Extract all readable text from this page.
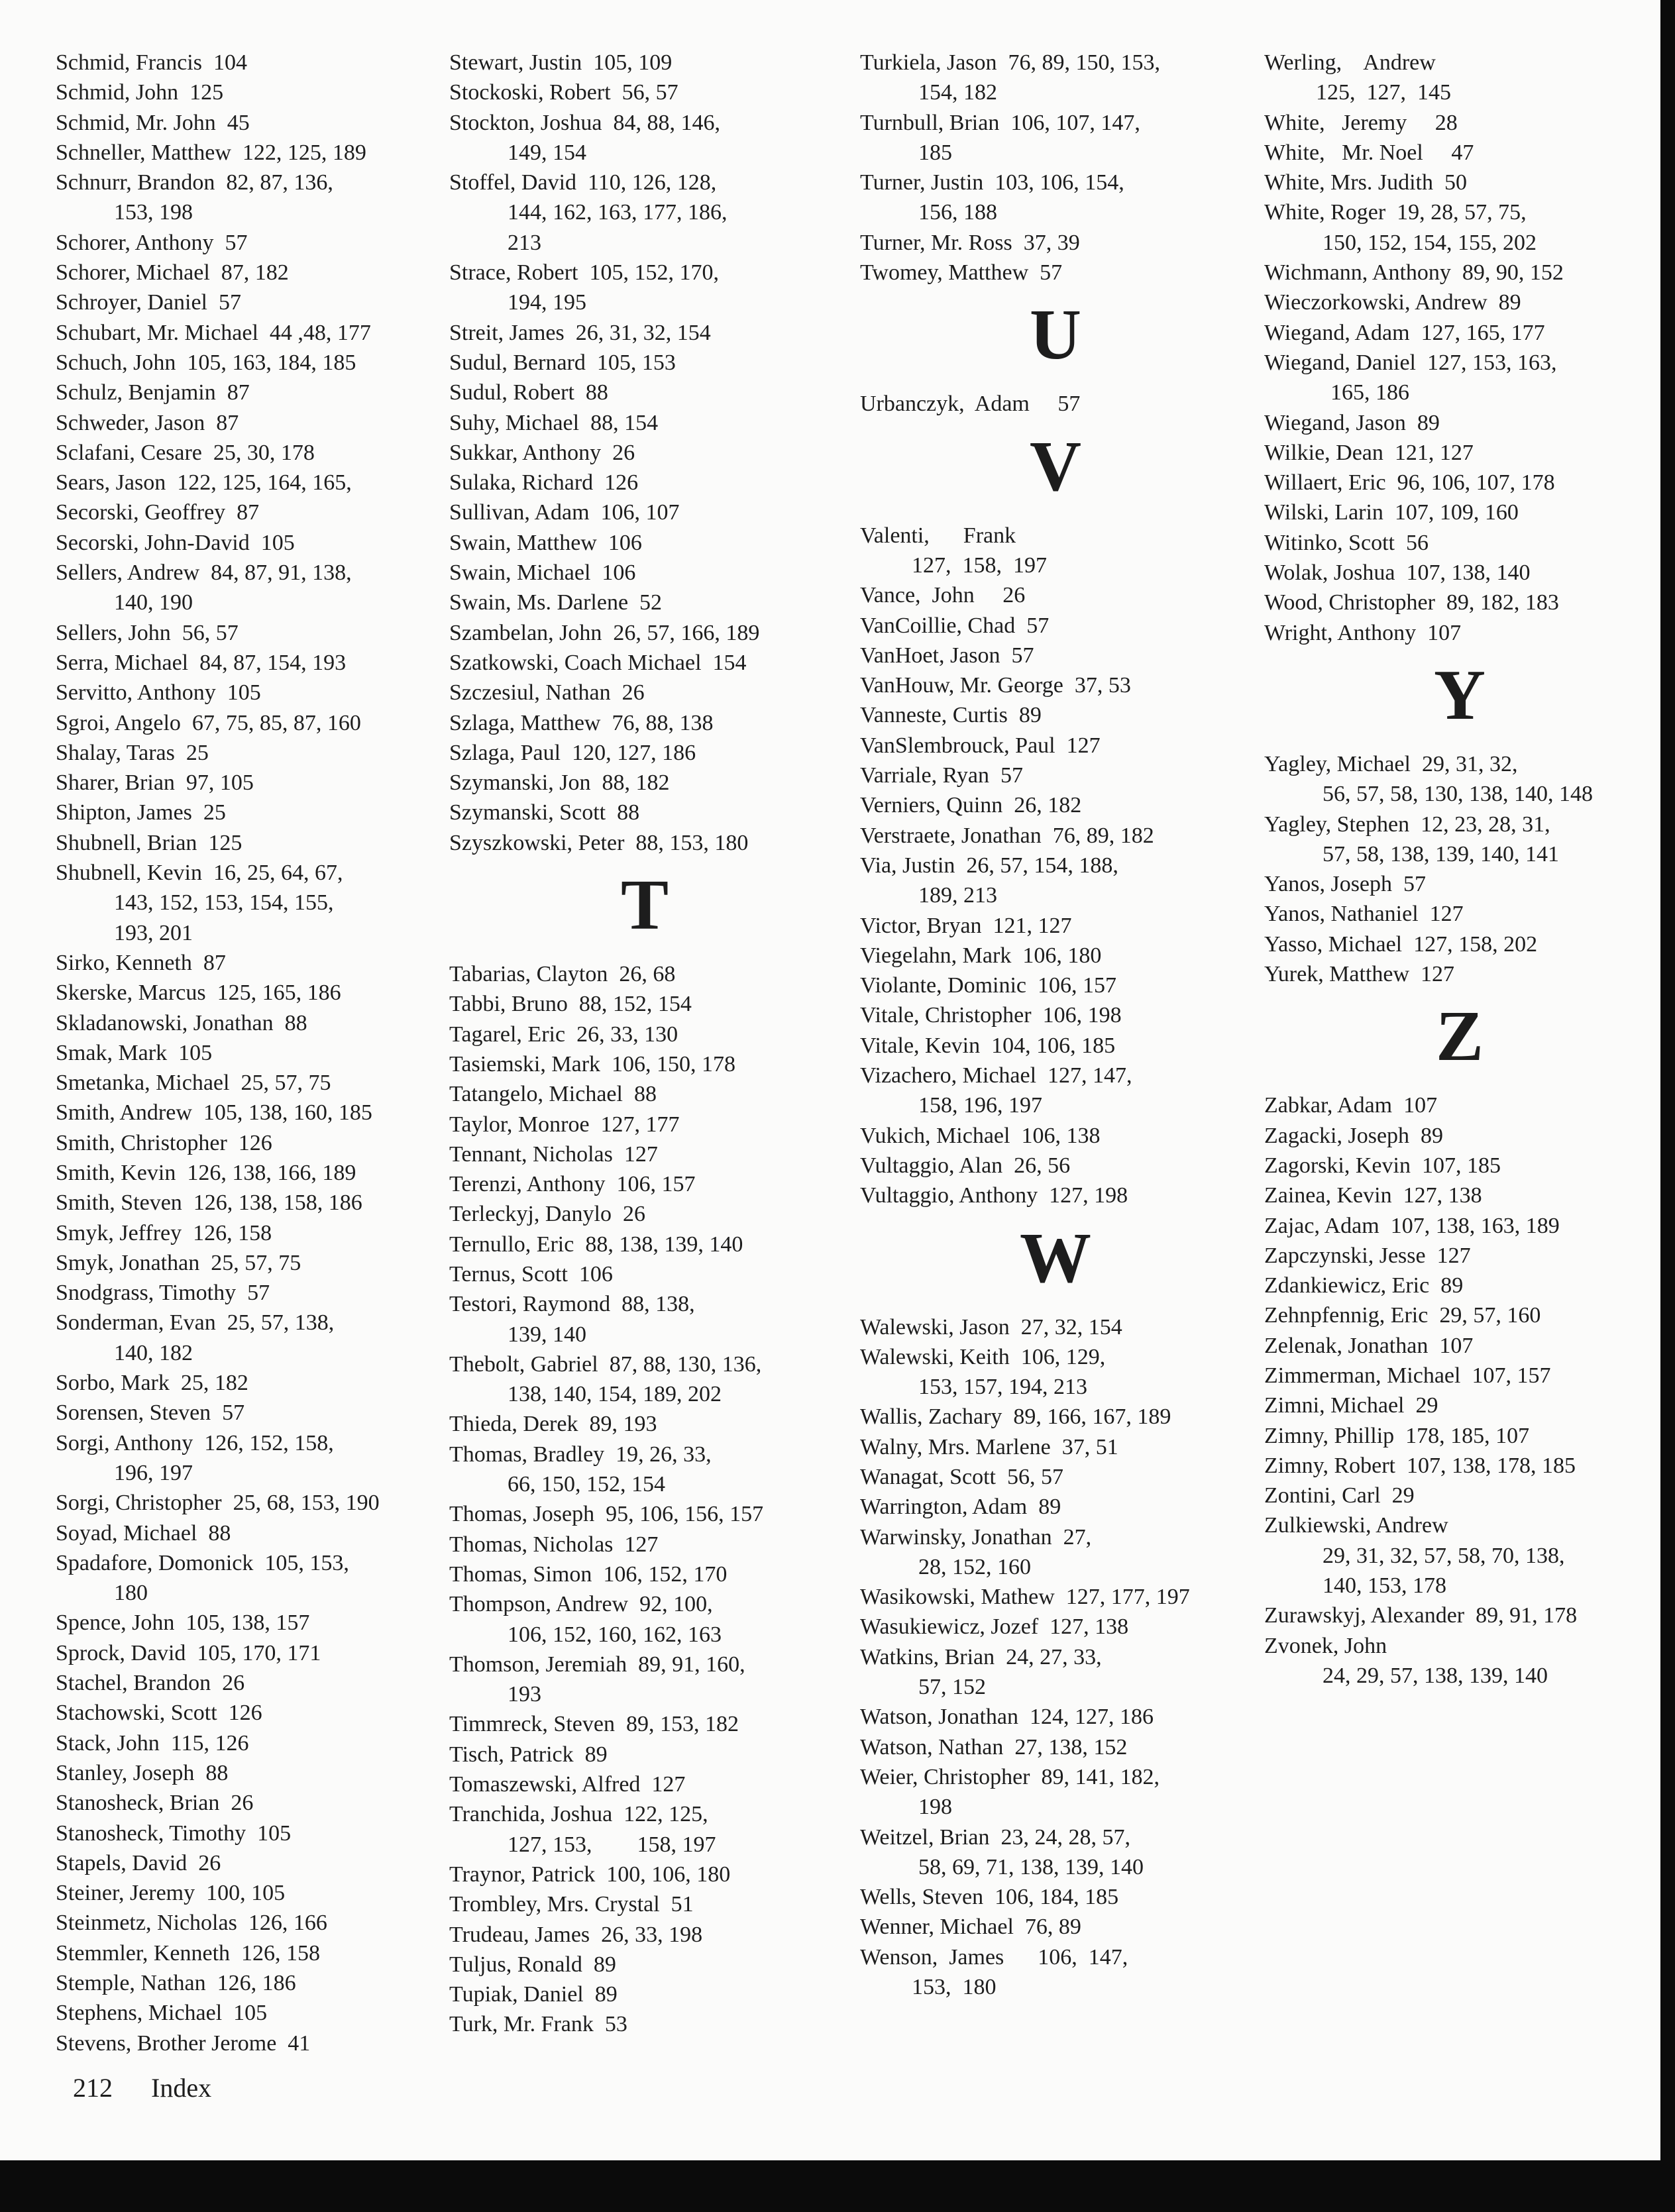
Schmid, Francis  104
Schmid, John  125
Schmid, Mr. John  45
Schneller, Matthew  122, 125, 189
Schnurr, Brandon  82, 87, 136,
153, 198
Schorer, Anthony  57
Schorer, Michael  87, 182
Schroyer, Daniel  57
Schubart, Mr. Michael  44 ,48, 177
Schuch, John  105, 163, 184, 185
Schulz, Benjamin  87
Schweder, Jason  87
Sclafani, Cesare  25, 30, 178
Sears, Jason  122, 125, 164, 165,
Secorski, Geoffrey  87
Secorski, John-David  105
Sellers, Andrew  84, 87, 91, 138,
140, 190
Sellers, John  56, 57
Serra, Michael  84, 87, 154, 193
Servitto, Anthony  105
Sgroi, Angelo  67, 75, 85, 87, 160
Shalay, Taras  25
Sharer, Brian  97, 105
Shipton, James  25
Shubnell, Brian  125
Shubnell, Kevin  16, 25, 64, 67,
143, 152, 153, 154, 155,
193, 201
Sirko, Kenneth  87
Skerske, Marcus  125, 165, 186
Skladanowski, Jonathan  88
Smak, Mark  105
Smetanka, Michael  25, 57, 75
Smith, Andrew  105, 138, 160, 185
Smith, Christopher  126
Smith, Kevin  126, 138, 166, 189
Smith, Steven  126, 138, 158, 186
Smyk, Jeffrey  126, 158
Smyk, Jonathan  25, 57, 75
Snodgrass, Timothy  57
Sonderman, Evan  25, 57, 138,
140, 182
Sorbo, Mark  25, 182
Sorensen, Steven  57
Sorgi, Anthony  126, 152, 158,
196, 197
Sorgi, Christopher  25, 68, 153, 190
Soyad, Michael  88
Spadafore, Domonick  105, 153,
180
Spence, John  105, 138, 157
Sprock, David  105, 170, 171
Stachel, Brandon  26
Stachowski, Scott  126
Stack, John  115, 126
Stanley, Joseph  88
Stanosheck, Brian  26
Stanosheck, Timothy  105
Stapels, David  26
Steiner, Jeremy  100, 105
Steinmetz, Nicholas  126, 166
Stemmler, Kenneth  126, 158
Stemple, Nathan  126, 186
Stephens, Michael  105
Stevens, Brother Jerome  41
Stewart, Justin  105, 109
Stockoski, Robert  56, 57
Stockton, Joshua  84, 88, 146,
149, 154
Stoffel, David  110, 126, 128,
144, 162, 163, 177, 186,
213
Strace, Robert  105, 152, 170,
194, 195
Streit, James  26, 31, 32, 154
Sudul, Bernard  105, 153
Sudul, Robert  88
Suhy, Michael  88, 154
Sukkar, Anthony  26
Sulaka, Richard  126
Sullivan, Adam  106, 107
Swain, Matthew  106
Swain, Michael  106
Swain, Ms. Darlene  52
Szambelan, John  26, 57, 166, 189
Szatkowski, Coach Michael  154
Szczesiul, Nathan  26
Szlaga, Matthew  76, 88, 138
Szlaga, Paul  120, 127, 186
Szymanski, Jon  88, 182
Szymanski, Scott  88
Szyszkowski, Peter  88, 153, 180
T
Tabarias, Clayton  26, 68
Tabbi, Bruno  88, 152, 154
Tagarel, Eric  26, 33, 130
Tasiemski, Mark  106, 150, 178
Tatangelo, Michael  88
Taylor, Monroe  127, 177
Tennant, Nicholas  127
Terenzi, Anthony  106, 157
Terleckyj, Danylo  26
Ternullo, Eric  88, 138, 139, 140
Ternus, Scott  106
Testori, Raymond  88, 138,
139, 140
Thebolt, Gabriel  87, 88, 130, 136,
138, 140, 154, 189, 202
Thieda, Derek  89, 193
Thomas, Bradley  19, 26, 33,
66, 150, 152, 154
Thomas, Joseph  95, 106, 156, 157
Thomas, Nicholas  127
Thomas, Simon  106, 152, 170
Thompson, Andrew  92, 100,
106, 152, 160, 162, 163
Thomson, Jeremiah  89, 91, 160,
193
Timmreck, Steven  89, 153, 182
Tisch, Patrick  89
Tomaszewski, Alfred  127
Tranchida, Joshua  122, 125,
127, 153,        158, 197
Traynor, Patrick  100, 106, 180
Trombley, Mrs. Crystal  51
Trudeau, James  26, 33, 198
Tuljus, Ronald  89
Tupiak, Daniel  89
Turk, Mr. Frank  53
Turkiela, Jason  76, 89, 150, 153,
154, 182
Turnbull, Brian  106, 107, 147,
185
Turner, Justin  103, 106, 154,
156, 188
Turner, Mr. Ross  37, 39
Twomey, Matthew  57
U
Urbanczyk,  Adam     57
V
Valenti,      Frank
127,  158,  197
Vance,  John     26
VanCoillie, Chad  57
VanHoet, Jason  57
VanHouw, Mr. George  37, 53
Vanneste, Curtis  89
VanSlembrouck, Paul  127
Varriale, Ryan  57
Verniers, Quinn  26, 182
Verstraete, Jonathan  76, 89, 182
Via, Justin  26, 57, 154, 188,
189, 213
Victor, Bryan  121, 127
Viegelahn, Mark  106, 180
Violante, Dominic  106, 157
Vitale, Christopher  106, 198
Vitale, Kevin  104, 106, 185
Vizachero, Michael  127, 147,
158, 196, 197
Vukich, Michael  106, 138
Vultaggio, Alan  26, 56
Vultaggio, Anthony  127, 198
W
Walewski, Jason  27, 32, 154
Walewski, Keith  106, 129,
153, 157, 194, 213
Wallis, Zachary  89, 166, 167, 189
Walny, Mrs. Marlene  37, 51
Wanagat, Scott  56, 57
Warrington, Adam  89
Warwinsky, Jonathan  27,
28, 152, 160
Wasikowski, Mathew  127, 177, 197
Wasukiewicz, Jozef  127, 138
Watkins, Brian  24, 27, 33,
57, 152
Watson, Jonathan  124, 127, 186
Watson, Nathan  27, 138, 152
Weier, Christopher  89, 141, 182,
198
Weitzel, Brian  23, 24, 28, 57,
58, 69, 71, 138, 139, 140
Wells, Steven  106, 184, 185
Wenner, Michael  76, 89
Wenson,  James      106,  147,
153,  180
Werling,    Andrew
125,  127,  145
White,   Jeremy     28
White,   Mr. Noel     47
White, Mrs. Judith  50
White, Roger  19, 28, 57, 75,
150, 152, 154, 155, 202
Wichmann, Anthony  89, 90, 152
Wieczorkowski, Andrew  89
Wiegand, Adam  127, 165, 177
Wiegand, Daniel  127, 153, 163,
165, 186
Wiegand, Jason  89
Wilkie, Dean  121, 127
Willaert, Eric  96, 106, 107, 178
Wilski, Larin  107, 109, 160
Witinko, Scott  56
Wolak, Joshua  107, 138, 140
Wood, Christopher  89, 182, 183
Wright, Anthony  107
Y
Yagley, Michael  29, 31, 32,
56, 57, 58, 130, 138, 140, 148
Yagley, Stephen  12, 23, 28, 31,
57, 58, 138, 139, 140, 141
Yanos, Joseph  57
Yanos, Nathaniel  127
Yasso, Michael  127, 158, 202
Yurek, Matthew  127
Z
Zabkar, Adam  107
Zagacki, Joseph  89
Zagorski, Kevin  107, 185
Zainea, Kevin  127, 138
Zajac, Adam  107, 138, 163, 189
Zapczynski, Jesse  127
Zdankiewicz, Eric  89
Zehnpfennig, Eric  29, 57, 160
Zelenak, Jonathan  107
Zimmerman, Michael  107, 157
Zimni, Michael  29
Zimny, Phillip  178, 185, 107
Zimny, Robert  107, 138, 178, 185
Zontini, Carl  29
Zulkiewski, Andrew
29, 31, 32, 57, 58, 70, 138,
140, 153, 178
Zurawskyj, Alexander  89, 91, 178
Zvonek, John
24, 29, 57, 138, 139, 140
212 Index
